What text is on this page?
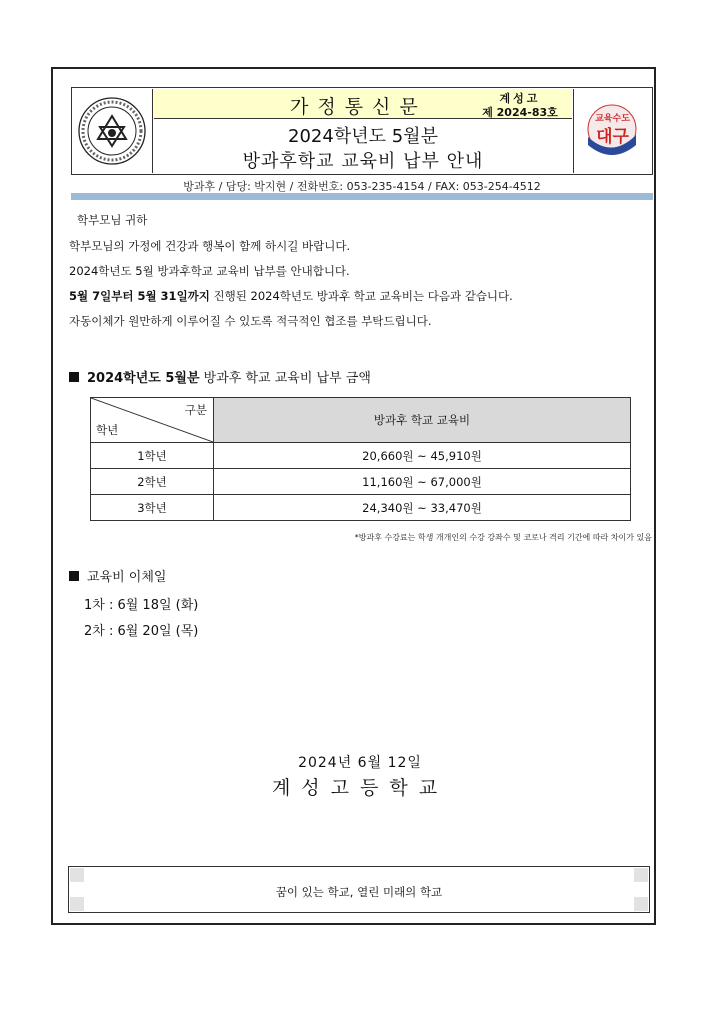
교육수도
대구
가정통신문	계성고
제 2024-83호
2024학년도 5월분
방과후학교 교육비 납부 안내
방과후 / 담당: 박지현 / 전화번호: 053-235-4154 / FAX: 053-254-4512
학부모님 귀하
학부모님의 가정에 건강과 행복이 함께 하시길 바랍니다.
2024학년도 5월 방과후학교 교육비 납부를 안내합니다.
5월 7일부터 5월 31일까지 진행된 2024학년도 방과후 학교 교육비는 다음과 같습니다.
자동이체가 원만하게 이루어질 수 있도록 적극적인 협조를 부탁드립니다.
2024학년도 5월분 방과후 학교 교육비 납부 금액
구분
학년	방과후 학교 교육비
1학년	20,660원 ~ 45,910원
2학년	11,160원 ~ 67,000원
3학년	24,340원 ~ 33,470원
*방과후 수강료는 학생 개개인의 수강 강좌수 및 코로나 격리 기간에 따라 차이가 있음
교육비 이체일
1차 : 6월 18일 (화)
2차 : 6월 20일 (목)
2024년 6월 12일
계성고등학교
꿈이 있는 학교, 열린 미래의 학교
